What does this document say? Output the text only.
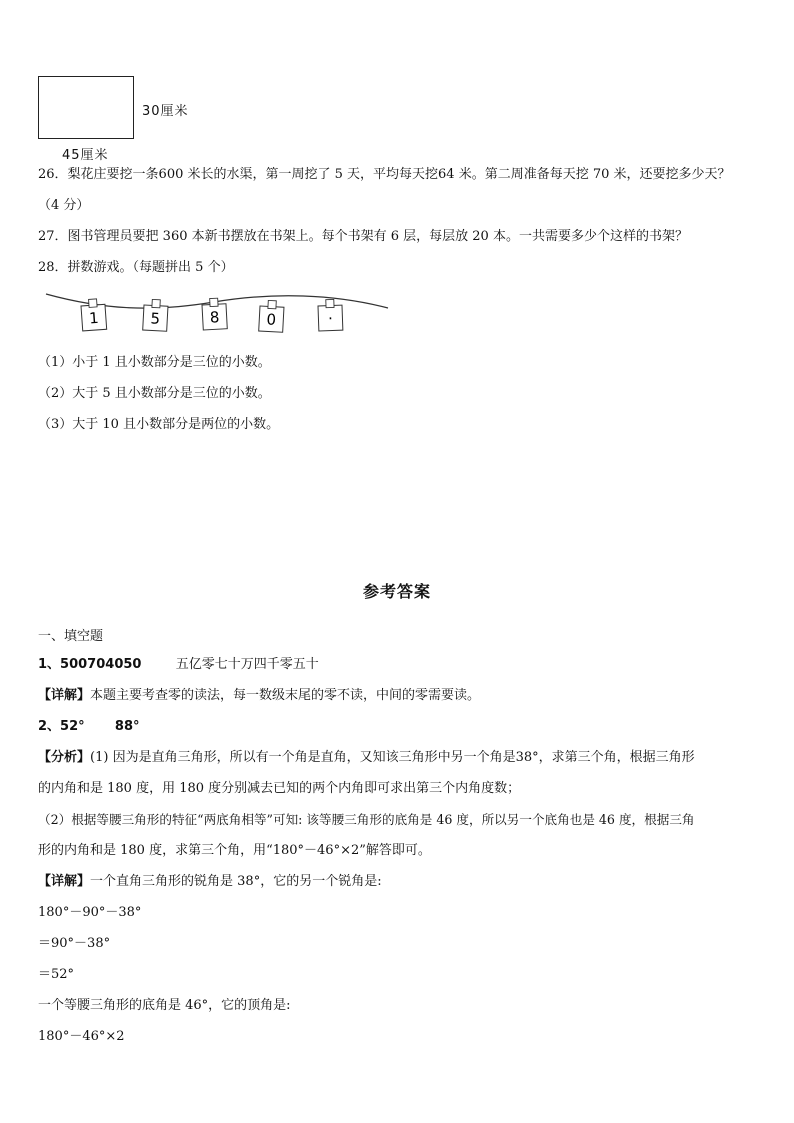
30厘米
45厘米
26．梨花庄要挖一条600 米长的水渠，第一周挖了 5 天，平均每天挖64 米。第二周准备每天挖 70 米，还要挖多少天？
（4 分）
27．图书管理员要把 360 本新书摆放在书架上。每个书架有 6 层，每层放 20 本。一共需要多少个这样的书架？
28．拼数游戏。（每题拼出 5 个）
1	5	8	0	·
（1）小于 1 且小数部分是三位的小数。
（2）大于 5 且小数部分是三位的小数。
（3）大于 10 且小数部分是两位的小数。
参考答案
一、填空题
1、500704050	五亿零七十万四千零五十
【详解】本题主要考查零的读法，每一数级末尾的零不读，中间的零需要读。
2、52° 88°
【分析】(1) 因为是直角三角形，所以有一个角是直角，又知该三角形中另一个角是38°，求第三个角，根据三角形
的内角和是 180 度，用 180 度分别减去已知的两个内角即可求出第三个内角度数；
（2）根据等腰三角形的特征“两底角相等”可知: 该等腰三角形的底角是 46 度，所以另一个底角也是 46 度，根据三角
形的内角和是 180 度，求第三个角，用“180°－46°×2”解答即可。
【详解】一个直角三角形的锐角是 38°，它的另一个锐角是:
180°－90°－38°
＝90°－38°
＝52°
一个等腰三角形的底角是 46°，它的顶角是:
180°－46°×2
